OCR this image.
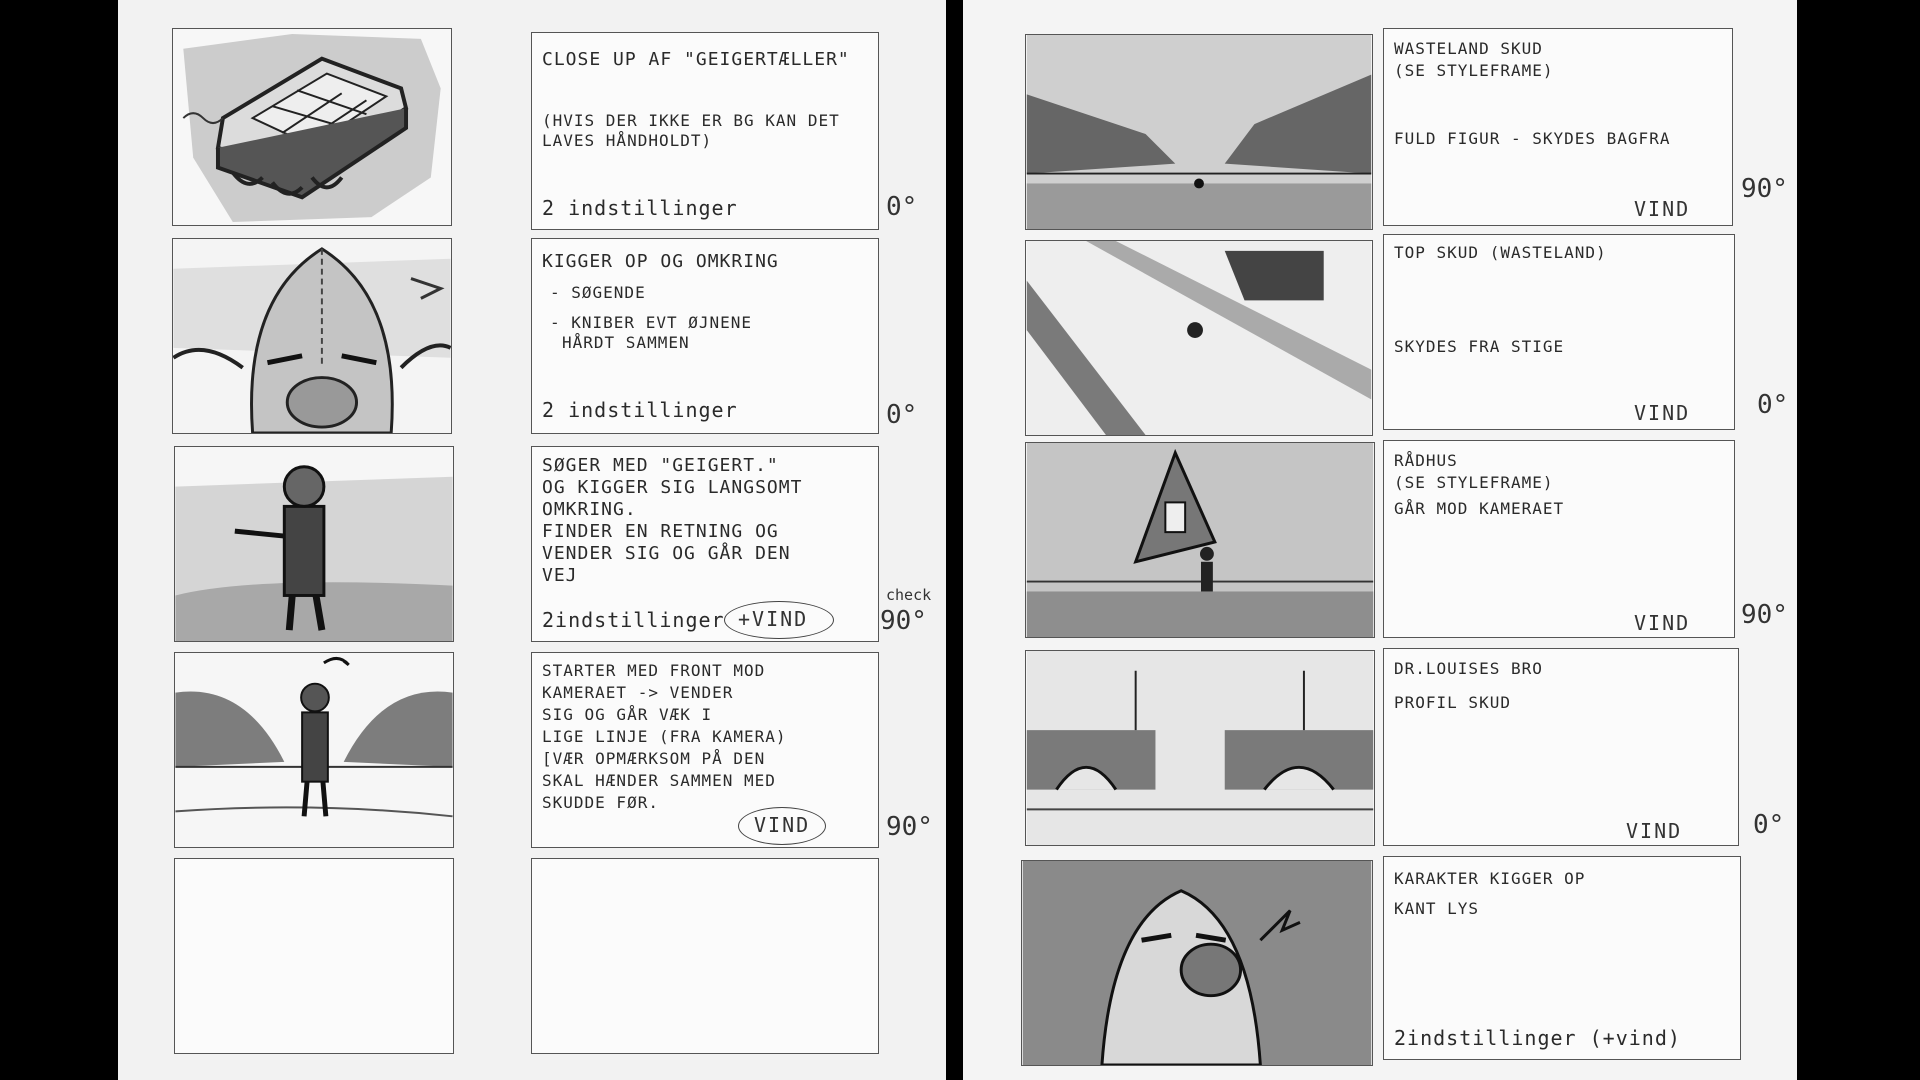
CLOSE UP AF "GEIGERTÆLLER"
(HVIS DER IKKE ER BG KAN DET
LAVES HÅNDHOLDT)
2 indstillinger	0°
KIGGER OP OG OMKRING
- SØGENDE
- KNIBER EVT ØJNENE
HÅRDT SAMMEN
2 indstillinger	0°
SØGER MED "GEIGERT."
OG KIGGER SIG LANGSOMT
OMKRING.
FINDER EN RETNING OG
VENDER SIG OG GÅR DEN
VEJ
2indstillinger +VIND
check
90°
STARTER MED FRONT MOD
KAMERAET -> VENDER
SIG OG GÅR VÆK I
LIGE LINJE (FRA KAMERA)
[VÆR OPMÆRKSOM PÅ DEN
SKAL HÆNDER SAMMEN MED
SKUDDE FØR.
VIND	90°
WASTELAND SKUD
(SE STYLEFRAME)
FULD FIGUR - SKYDES BAGFRA
VIND
90°
TOP SKUD (WASTELAND)
SKYDES FRA STIGE
VIND	0°
RÅDHUS
(SE STYLEFRAME)
GÅR MOD KAMERAET
VIND 90°
DR.LOUISES BRO
PROFIL SKUD
VIND	0°
KARAKTER KIGGER OP
KANT LYS
2indstillinger (+vind)
